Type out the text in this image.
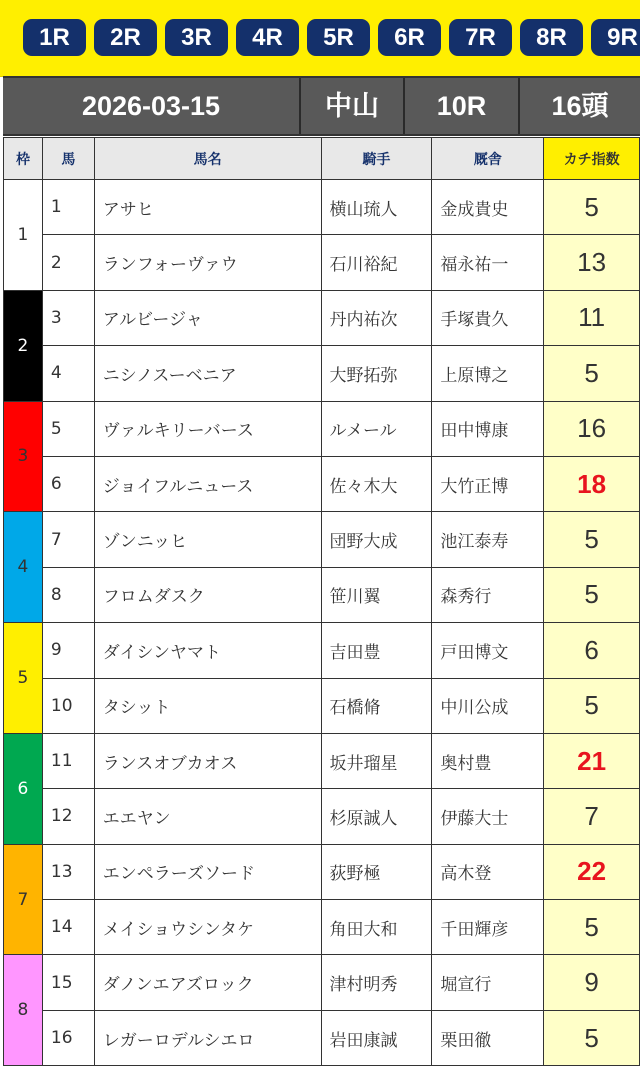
1R	2R	3R	4R	5R	6R	7R	8R	9R
2026-03-15	中山	10R	16頭
枠	馬	馬名	騎手	厩舎	カチ指数
1	1	アサヒ	横山琉人	金成貴史	5
	2	ランフォーヴァウ	石川裕紀	福永祐一	13
2	3	アルビージャ	丹内祐次	手塚貴久	11
	4	ニシノスーベニア	大野拓弥	上原博之	5
3	5	ヴァルキリーバース	ルメール	田中博康	16
	6	ジョイフルニュース	佐々木大	大竹正博	18
4	7	ゾンニッヒ	団野大成	池江泰寿	5
	8	フロムダスク	笹川翼	森秀行	5
5	9	ダイシンヤマト	吉田豊	戸田博文	6
	10	タシット	石橋脩	中川公成	5
6	11	ランスオブカオス	坂井瑠星	奥村豊	21
	12	エエヤン	杉原誠人	伊藤大士	7
7	13	エンペラーズソード	荻野極	高木登	22
	14	メイショウシンタケ	角田大和	千田輝彦	5
8	15	ダノンエアズロック	津村明秀	堀宣行	9
	16	レガーロデルシエロ	岩田康誠	栗田徹	5
